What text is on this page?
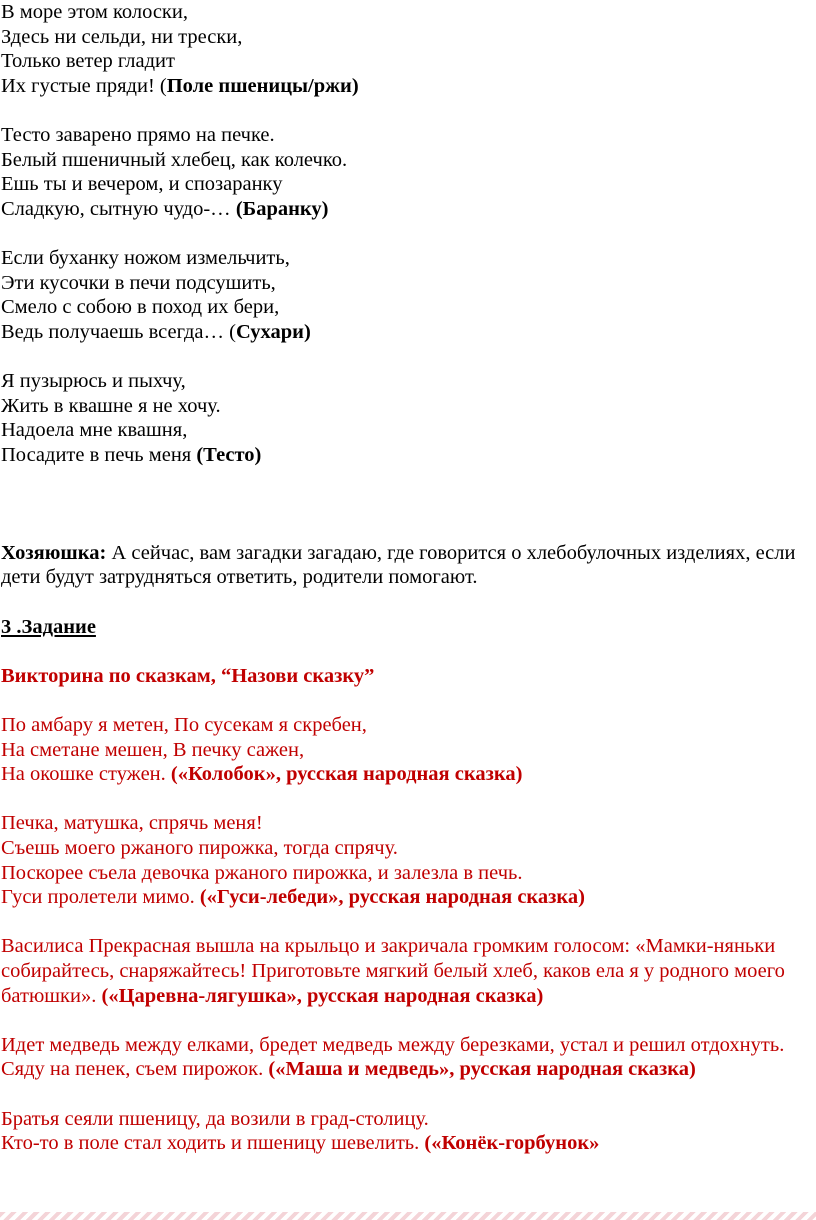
В море этом колоски,
Здесь ни сельди, ни трески,
Только ветер гладит
Их густые пряди! (Поле пшеницы/ржи)
Тесто заварено прямо на печке.
Белый пшеничный хлебец, как колечко.
Ешь ты и вечером, и спозаранку
Сладкую, сытную чудо-… (Баранку)
Если буханку ножом измельчить,
Эти кусочки в печи подсушить,
Смело с собою в поход их бери,
Ведь получаешь всегда… (Сухари)
Я пузырюсь и пыхчу,
Жить в квашне я не хочу.
Надоела мне квашня,
Посадите в печь меня (Тесто)
Хозяюшка: А сейчас, вам загадки загадаю, где говорится о хлебобулочных изделиях, если дети будут затрудняться ответить, родители помогают.
3 .Задание
Викторина по сказкам, “Назови сказку”
По амбару я метен, По сусекам я скребен,
На сметане мешен, В печку сажен,
На окошке стужен. («Колобок», русская народная сказка)
Печка, матушка, спрячь меня!
Съешь моего ржаного пирожка, тогда спрячу.
Поскорее съела девочка ржаного пирожка, и залезла в печь.
Гуси пролетели мимо. («Гуси-лебеди», русская народная сказка)
Василиса Прекрасная вышла на крыльцо и закричала громким голосом: «Мамки-няньки собирайтесь, снаряжайтесь! Приготовьте мягкий белый хлеб, каков ела я у родного моего батюшки». («Царевна-лягушка», русская народная сказка)
Идет медведь между елками, бредет медведь между березками, устал и решил отдохнуть. Сяду на пенек, съем пирожок. («Маша и медведь», русская народная сказка)
Братья сеяли пшеницу, да возили в град-столицу.
Кто-то в поле стал ходить и пшеницу шевелить. («Конёк-горбунок»
